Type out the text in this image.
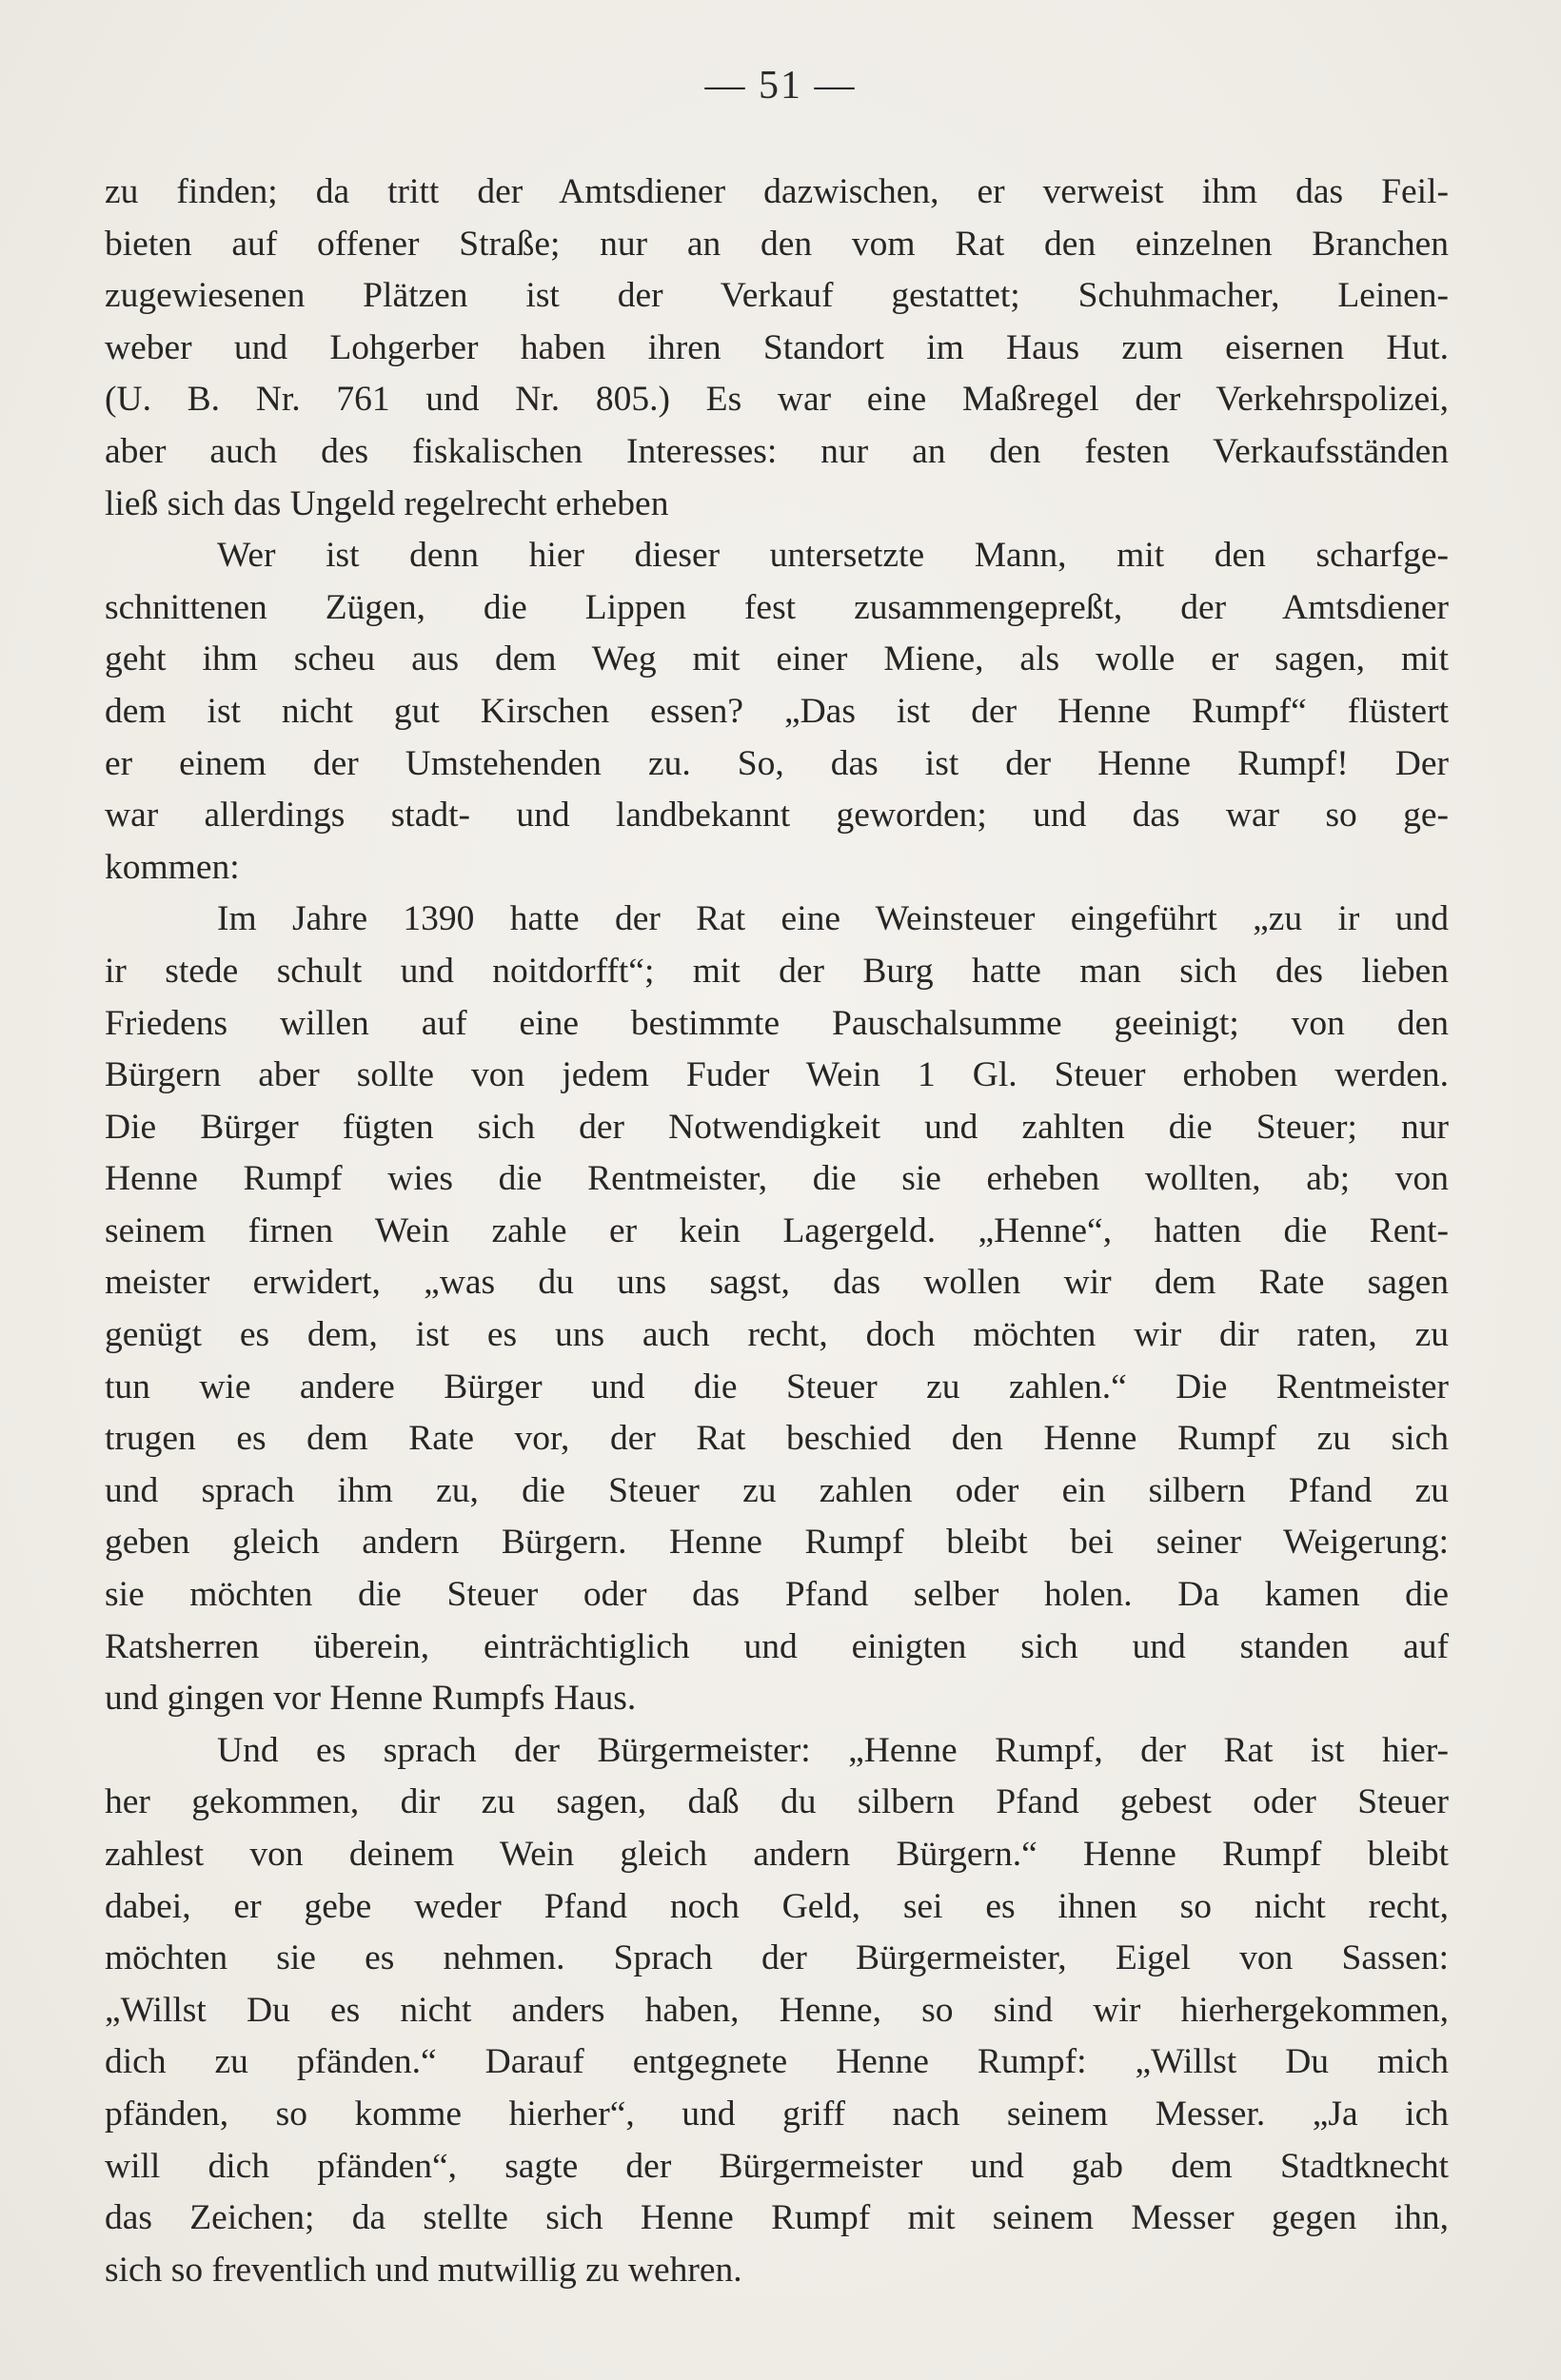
— 51 —
zu finden; da tritt der Amtsdiener dazwischen, er verweist ihm das Feil-
bieten auf offener Straße; nur an den vom Rat den einzelnen Branchen
zugewiesenen Plätzen ist der Verkauf gestattet; Schuhmacher, Leinen-
weber und Lohgerber haben ihren Standort im Haus zum eisernen Hut.
(U. B. Nr. 761 und Nr. 805.) Es war eine Maßregel der Verkehrspolizei,
aber auch des fiskalischen Interesses: nur an den festen Verkaufsständen
ließ sich das Ungeld regelrecht erheben
Wer ist denn hier dieser untersetzte Mann, mit den scharfge-
schnittenen Zügen, die Lippen fest zusammengepreßt, der Amtsdiener
geht ihm scheu aus dem Weg mit einer Miene, als wolle er sagen, mit
dem ist nicht gut Kirschen essen? „Das ist der Henne Rumpf“ flüstert
er einem der Umstehenden zu. So, das ist der Henne Rumpf! Der
war allerdings stadt- und landbekannt geworden; und das war so ge-
kommen:
Im Jahre 1390 hatte der Rat eine Weinsteuer eingeführt „zu ir und
ir stede schult und noitdorfft“; mit der Burg hatte man sich des lieben
Friedens willen auf eine bestimmte Pauschalsumme geeinigt; von den
Bürgern aber sollte von jedem Fuder Wein 1 Gl. Steuer erhoben werden.
Die Bürger fügten sich der Notwendigkeit und zahlten die Steuer; nur
Henne Rumpf wies die Rentmeister, die sie erheben wollten, ab; von
seinem firnen Wein zahle er kein Lagergeld. „Henne“, hatten die Rent-
meister erwidert, „was du uns sagst, das wollen wir dem Rate sagen
genügt es dem, ist es uns auch recht, doch möchten wir dir raten, zu
tun wie andere Bürger und die Steuer zu zahlen.“ Die Rentmeister
trugen es dem Rate vor, der Rat beschied den Henne Rumpf zu sich
und sprach ihm zu, die Steuer zu zahlen oder ein silbern Pfand zu
geben gleich andern Bürgern. Henne Rumpf bleibt bei seiner Weigerung:
sie möchten die Steuer oder das Pfand selber holen. Da kamen die
Ratsherren überein, einträchtiglich und einigten sich und standen auf
und gingen vor Henne Rumpfs Haus.
Und es sprach der Bürgermeister: „Henne Rumpf, der Rat ist hier-
her gekommen, dir zu sagen, daß du silbern Pfand gebest oder Steuer
zahlest von deinem Wein gleich andern Bürgern.“ Henne Rumpf bleibt
dabei, er gebe weder Pfand noch Geld, sei es ihnen so nicht recht,
möchten sie es nehmen. Sprach der Bürgermeister, Eigel von Sassen:
„Willst Du es nicht anders haben, Henne, so sind wir hierhergekommen,
dich zu pfänden.“ Darauf entgegnete Henne Rumpf: „Willst Du mich
pfänden, so komme hierher“, und griff nach seinem Messer. „Ja ich
will dich pfänden“, sagte der Bürgermeister und gab dem Stadtknecht
das Zeichen; da stellte sich Henne Rumpf mit seinem Messer gegen ihn,
sich so freventlich und mutwillig zu wehren.
